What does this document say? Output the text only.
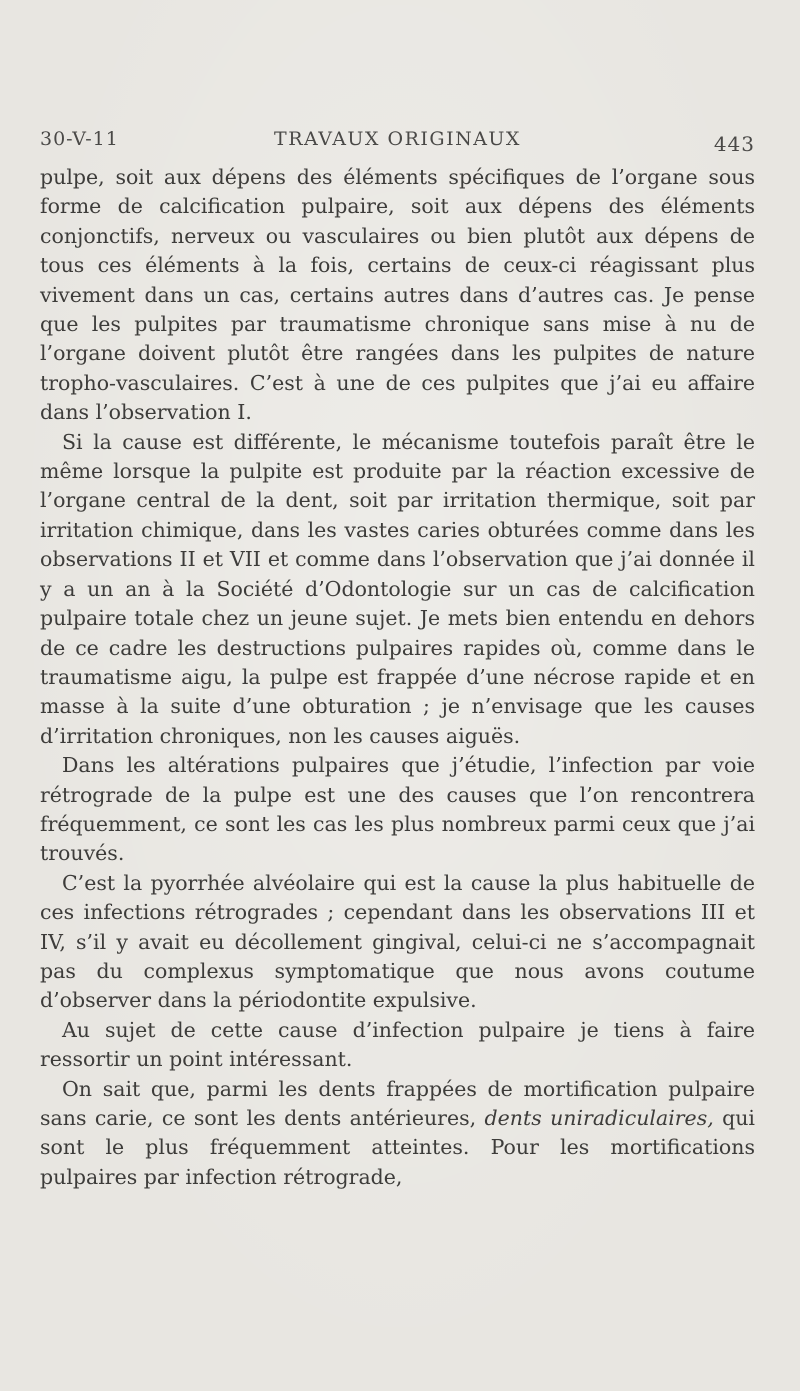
30-V-11	TRAVAUX ORIGINAUX	443

pulpe, soit aux dépens des éléments spécifiques de l’organe sous forme de calcification pulpaire, soit aux dépens des éléments conjonctifs, nerveux ou vasculaires ou bien plutôt aux dépens de tous ces éléments à la fois, certains de ceux-ci réagissant plus vivement dans un cas, certains autres dans d’autres cas. Je pense que les pulpites par traumatisme chronique sans mise à nu de l’organe doivent plutôt être rangées dans les pulpites de nature tropho-vasculaires. C’est à une de ces pulpites que j’ai eu affaire dans l’observation I.

Si la cause est différente, le mécanisme toutefois paraît être le même lorsque la pulpite est produite par la réaction excessive de l’organe central de la dent, soit par irritation thermique, soit par irritation chimique, dans les vastes caries obturées comme dans les observations II et VII et comme dans l’observation que j’ai donnée il y a un an à la Société d’Odontologie sur un cas de calcification pulpaire totale chez un jeune sujet. Je mets bien entendu en dehors de ce cadre les destructions pulpaires rapides où, comme dans le traumatisme aigu, la pulpe est frappée d’une nécrose rapide et en masse à la suite d’une obturation ; je n’envisage que les causes d’irritation chroniques, non les causes aiguës.

Dans les altérations pulpaires que j’étudie, l’infection par voie rétrograde de la pulpe est une des causes que l’on rencontrera fréquemment, ce sont les cas les plus nombreux parmi ceux que j’ai trouvés.

C’est la pyorrhée alvéolaire qui est la cause la plus habituelle de ces infections rétrogrades ; cependant dans les observations III et IV, s’il y avait eu décollement gingival, celui-ci ne s’accompagnait pas du complexus symptomatique que nous avons coutume d’observer dans la périodontite expulsive.

Au sujet de cette cause d’infection pulpaire je tiens à faire ressortir un point intéressant.

On sait que, parmi les dents frappées de mortification pulpaire sans carie, ce sont les dents antérieures, dents uniradiculaires, qui sont le plus fréquemment atteintes. Pour les mortifications pulpaires par infection rétrograde,
